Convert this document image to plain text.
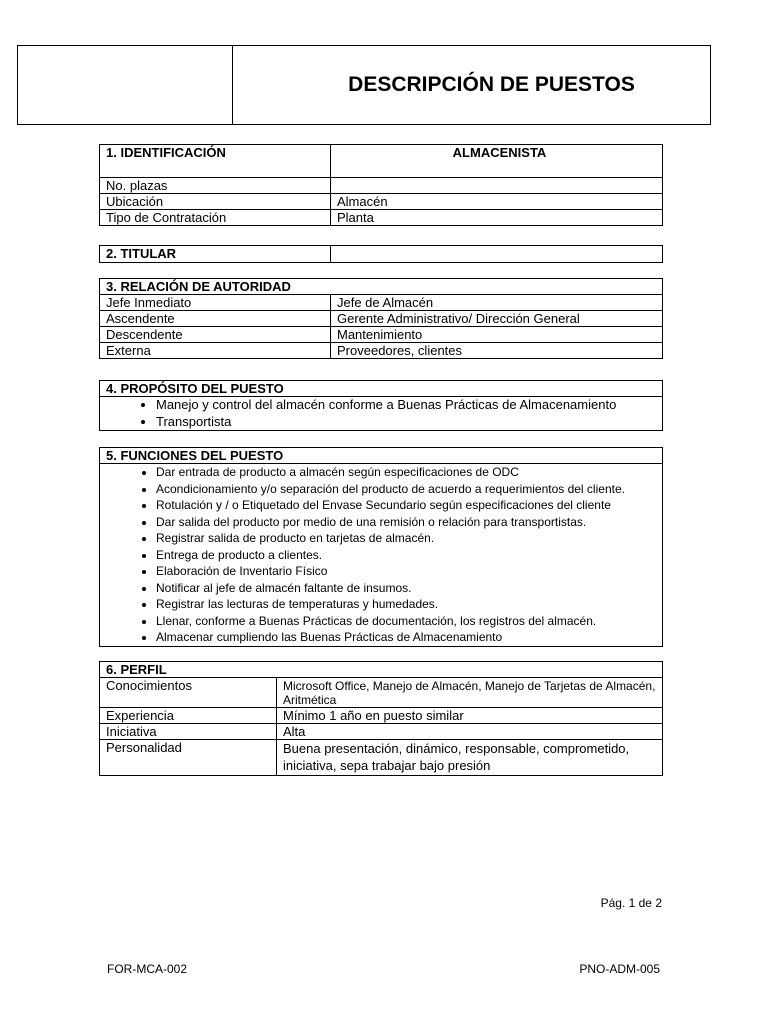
DESCRIPCIÓN DE PUESTOS
1. IDENTIFICACIÓN	ALMACENISTA
No. plazas	
Ubicación	Almacén
Tipo de Contratación	Planta
2. TITULAR	
3. RELACIÓN DE AUTORIDAD	
Jefe Inmediato	Jefe de Almacén
Ascendente	Gerente Administrativo/ Dirección General
Descendente	Mantenimiento
Externa	Proveedores, clientes
4. PROPÓSITO DEL PUESTO

• Manejo y control del almacén conforme a Buenas Prácticas de Almacenamiento
• Transportista
5. FUNCIONES DEL PUESTO

• Dar entrada de producto a almacén según especificaciones de ODC
• Acondicionamiento y/o separación del producto de acuerdo a requerimientos del cliente.
• Rotulación y / o Etiquetado del Envase Secundario según especificaciones del cliente
• Dar salida del producto por medio de una remisión o relación para transportistas.
• Registrar salida de producto en tarjetas de almacén.
• Entrega de producto a clientes.
• Elaboración de Inventario Físico
• Notificar al jefe de almacén faltante de insumos.
• Registrar las lecturas de temperaturas y humedades.
• Llenar, conforme a Buenas Prácticas de documentación, los registros del almacén.
• Almacenar cumpliendo las Buenas Prácticas de Almacenamiento
6. PERFIL	
Conocimientos	Microsoft Office, Manejo de Almacén, Manejo de Tarjetas de Almacén, Aritmética
Experiencia	Mínimo 1 año en puesto similar
Iniciativa	Alta
Personalidad	Buena presentación, dinámico, responsable, comprometido, iniciativa, sepa trabajar bajo presión
Pág. 1 de 2
FOR-MCA-002	PNO-ADM-005
